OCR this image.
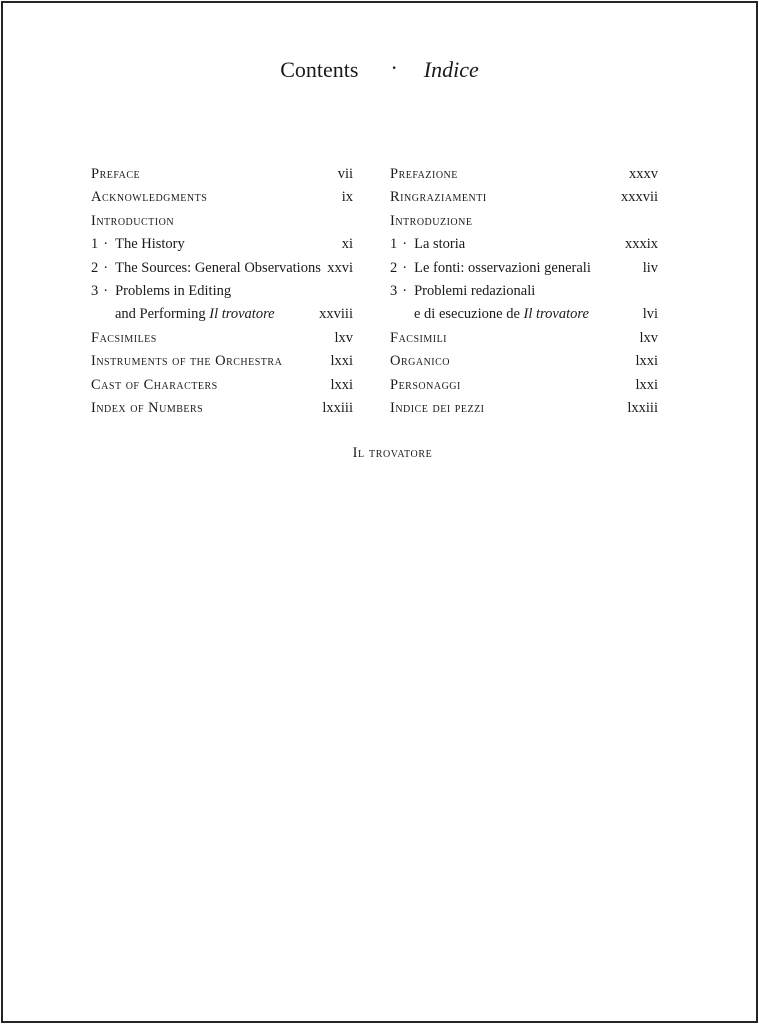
Contents · Indice
Preface	vii
Acknowledgments	ix
Introduction
1 · The History	xi
2 · The Sources: General Observations xxvi
3 · Problems in Editing
and Performing Il trovatore	xxviii
Facsimiles	lxv
Instruments of the Orchestra	lxxi
Cast of Characters	lxxi
Index of Numbers	lxxiii
Prefazione	xxxv
Ringraziamenti	xxxvii
Introduzione
1 · La storia	xxxix
2 · Le fonti: osservazioni generali	liv
3 · Problemi redazionali
e di esecuzione de Il trovatore	lvi
Facsimili	lxv
Organico	lxxi
Personaggi	lxxi
Indice dei pezzi	lxxiii
Il trovatore
